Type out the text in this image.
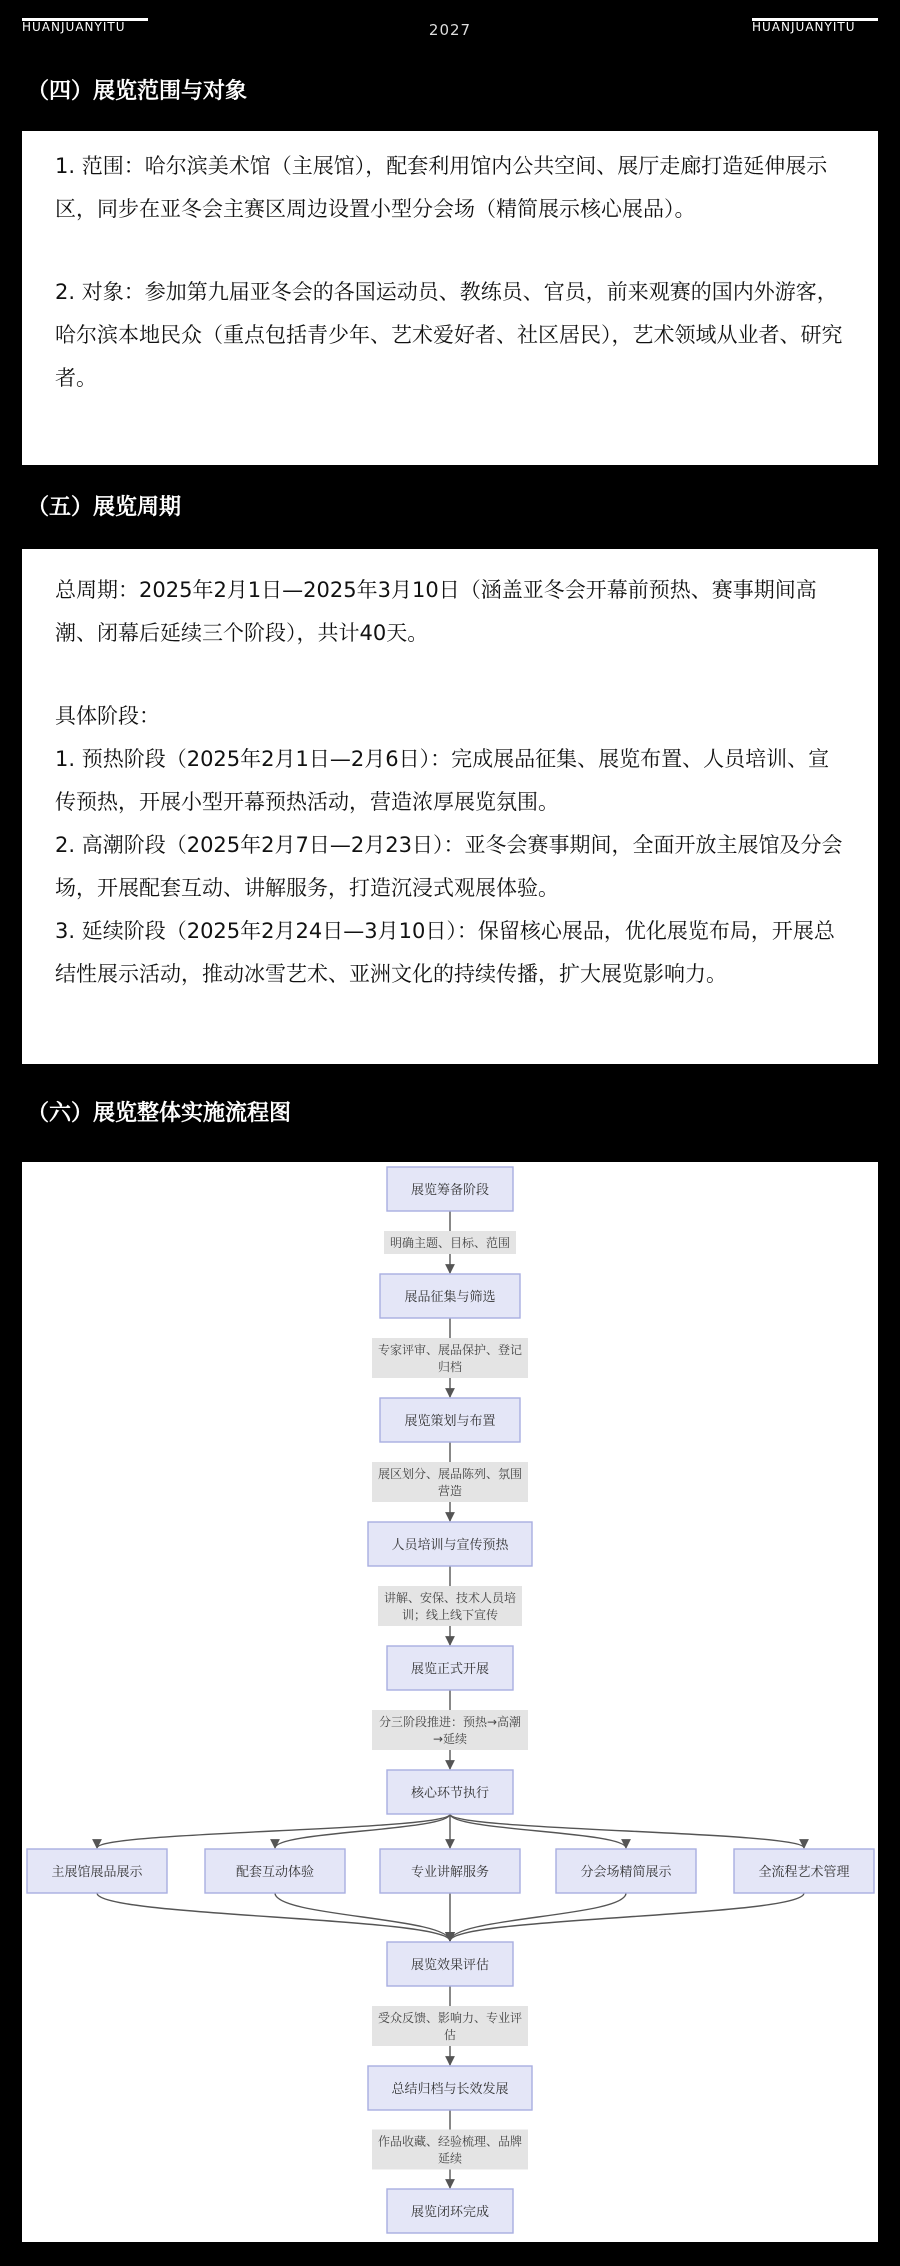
HUANJUANYITU	2027	HUANJUANYITU
（四）展览范围与对象

1. 范围：哈尔滨美术馆（主展馆），配套利用馆内公共空间、展厅走廊打造延伸展示区，同步在亚冬会主赛区周边设置小型分会场（精简展示核心展品）。

2. 对象：参加第九届亚冬会的各国运动员、教练员、官员，前来观赛的国内外游客，哈尔滨本地民众（重点包括青少年、艺术爱好者、社区居民），艺术领域从业者、研究者。

（五）展览周期

总周期：2025年2月1日—2025年3月10日（涵盖亚冬会开幕前预热、赛事期间高潮、闭幕后延续三个阶段），共计40天。

具体阶段：

1. 预热阶段（2025年2月1日—2月6日）：完成展品征集、展览布置、人员培训、宣传预热，开展小型开幕预热活动，营造浓厚展览氛围。

2. 高潮阶段（2025年2月7日—2月23日）：亚冬会赛事期间，全面开放主展馆及分会场，开展配套互动、讲解服务，打造沉浸式观展体验。

3. 延续阶段（2025年2月24日—3月10日）：保留核心展品，优化展览布局，开展总结性展示活动，推动冰雪艺术、亚洲文化的持续传播，扩大展览影响力。

（六）展览整体实施流程图
明确主题、目标、范围
专家评审、展品保护、登记
归档
展区划分、展品陈列、氛围
营造
讲解、安保、技术人员培
训；线上线下宣传
分三阶段推进：预热→高潮
→延续
受众反馈、影响力、专业评
估
作品收藏、经验梳理、品牌
延续
展览筹备阶段
展品征集与筛选
展览策划与布置
人员培训与宣传预热
展览正式开展
核心环节执行
主展馆展品展示	配套互动体验	专业讲解服务	分会场精简展示	全流程艺术管理
展览效果评估
总结归档与长效发展
展览闭环完成
